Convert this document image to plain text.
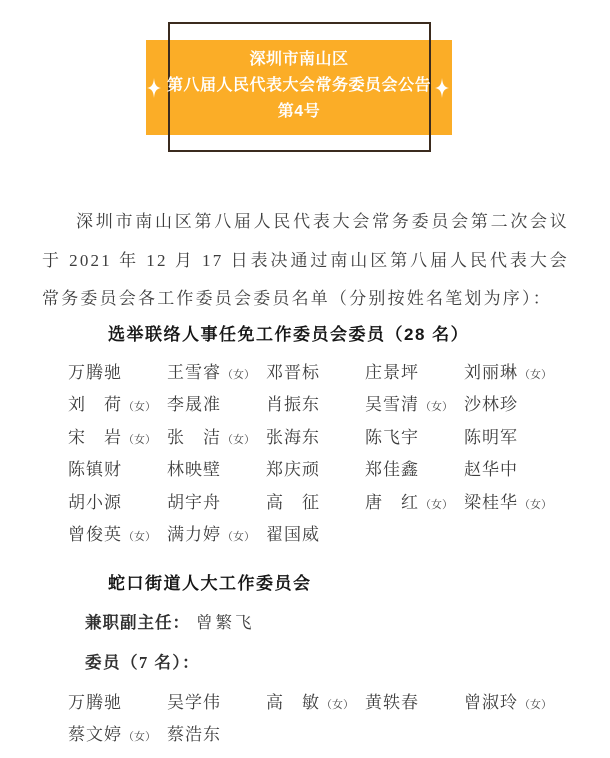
深圳市南山区
第八届人民代表大会常务委员会公告
第4号

深圳市南山区第八届人民代表大会常务委员会第二次会议于 2021 年 12 月 17 日表决通过南山区第八届人民代表大会常务委员会各工作委员会委员名单（分别按姓名笔划为序）：

选举联络人事任免工作委员会委员（28 名）
万腾驰	王雪睿（女） 邓晋标	庄景坪	刘丽琳（女）
刘　荷（女） 李晟准	肖振东	吴雪清（女） 沙林珍
宋　岩（女） 张　洁（女） 张海东	陈飞宇	陈明军
陈镇财	林映壁	郑庆顽	郑佳鑫	赵华中
胡小源	胡宇舟	高　征	唐　红（女） 梁桂华（女）
曾俊英（女） 满力婷（女） 翟国威
蛇口街道人大工作委员会

兼职副主任： 曾繁飞

委员（7 名）：

万腾驰	吴学伟	高　敏（女） 黄轶春	曾淑玲（女）
蔡文婷（女） 蔡浩东
